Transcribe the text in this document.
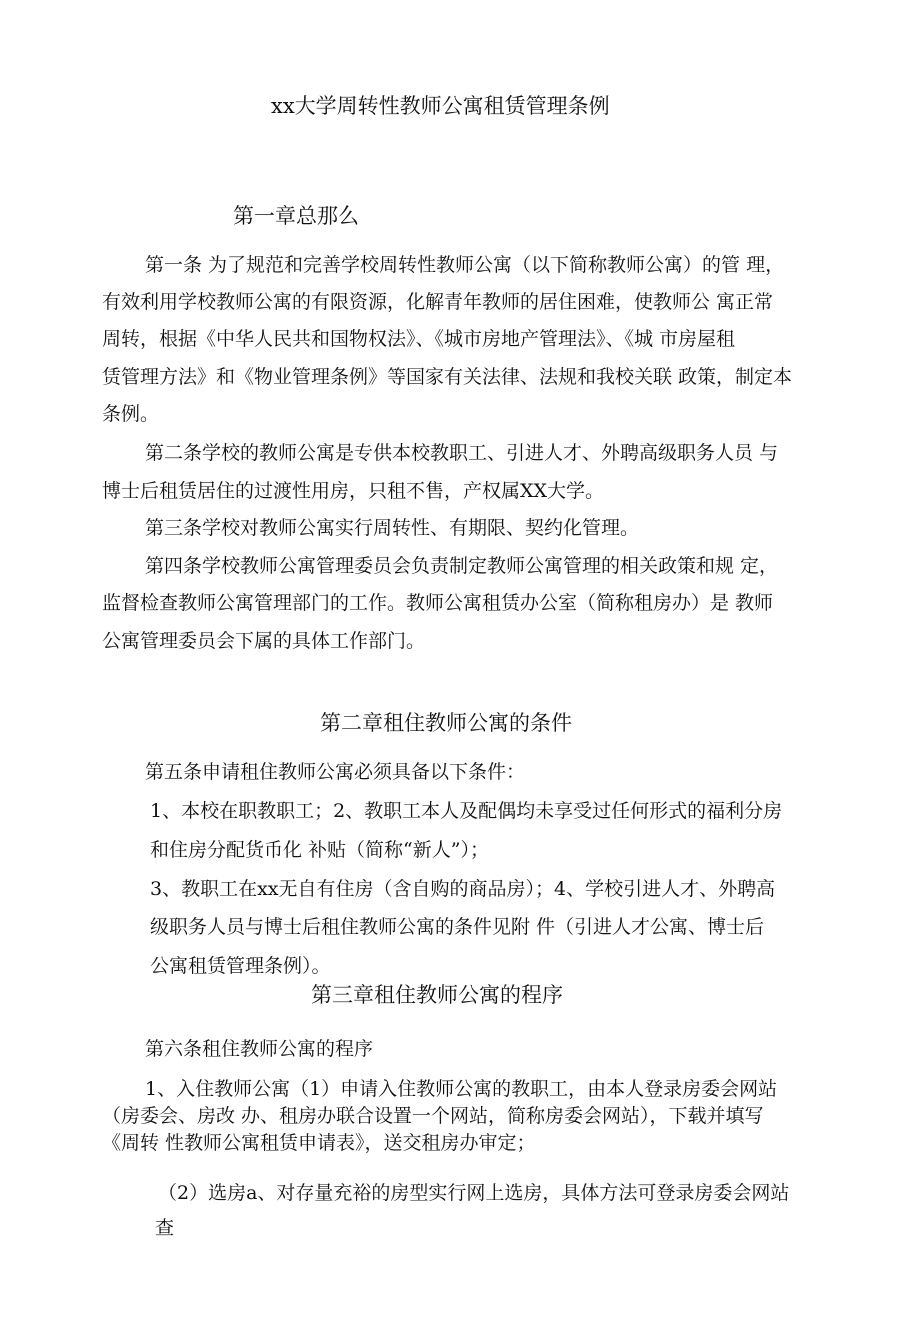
xx大学周转性教师公寓租赁管理条例
第一章总那么
第一条 为了规范和完善学校周转性教师公寓（以下简称教师公寓）的管 理，
有效利用学校教师公寓的有限资源，化解青年教师的居住困难，使教师公 寓正常
周转，根据《中华人民共和国物权法》、《城市房地产管理法》、《城 市房屋租
赁管理方法》和《物业管理条例》等国家有关法律、法规和我校关联 政策，制定本
条例。
第二条学校的教师公寓是专供本校教职工、引进人才、外聘高级职务人员 与
博士后租赁居住的过渡性用房，只租不售，产权属XX大学。
第三条学校对教师公寓实行周转性、有期限、契约化管理。
第四条学校教师公寓管理委员会负责制定教师公寓管理的相关政策和规 定，
监督检查教师公寓管理部门的工作。教师公寓租赁办公室（简称租房办）是 教师
公寓管理委员会下属的具体工作部门。
第二章租住教师公寓的条件
第五条申请租住教师公寓必须具备以下条件：
1、本校在职教职工；2、教职工本人及配偶均未享受过任何形式的福利分房
和住房分配货币化 补贴（简称“新人”）；
3、教职工在xx无自有住房（含自购的商品房）；4、学校引进人才、外聘高
级职务人员与博士后租住教师公寓的条件见附 件（引进人才公寓、博士后
公寓租赁管理条例）。
第三章租住教师公寓的程序
第六条租住教师公寓的程序
1、入住教师公寓（1）申请入住教师公寓的教职工，由本人登录房委会网站
（房委会、房改 办、租房办联合设置一个网站，简称房委会网站），下载并填写
《周转 性教师公寓租赁申请表》，送交租房办审定；
（2）选房a、对存量充裕的房型实行网上选房，具体方法可登录房委会网站
查
